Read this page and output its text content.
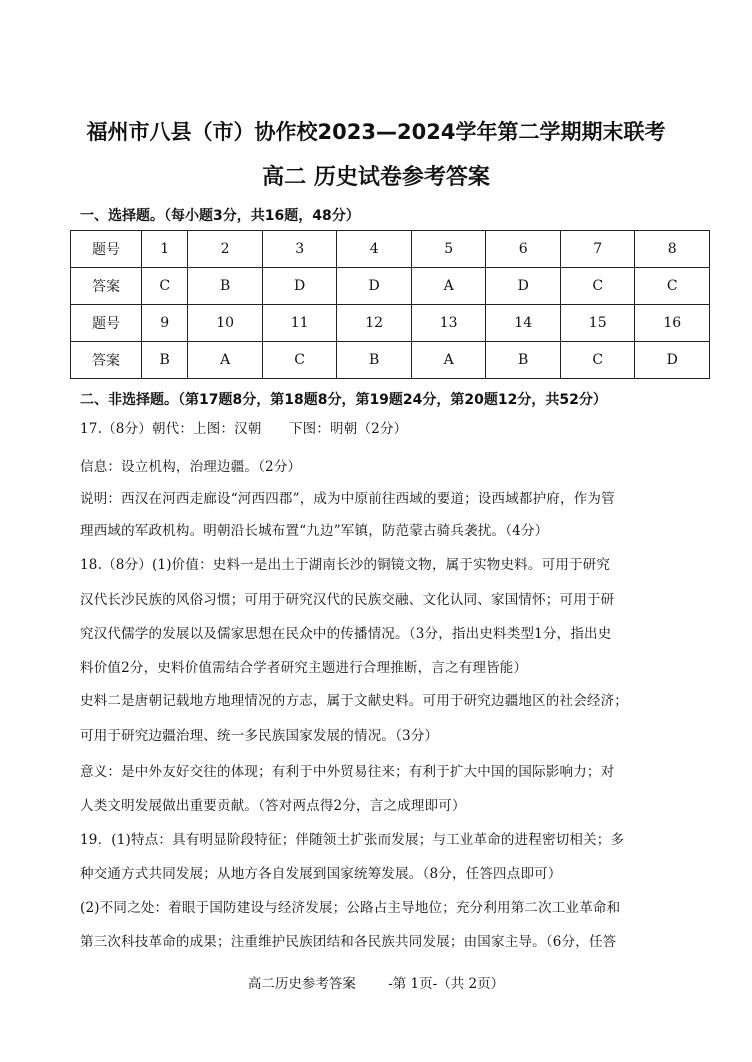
福州市八县（市）协作校2023—2024学年第二学期期末联考
高二 历史试卷参考答案
一、选择题。（每小题3分，共16题，48分）
题号	1	2	3	4	5	6	7	8
答案	C	B	D	D	A	D	C	C
题号	9	10	11	12	13	14	15	16
答案	B	A	C	B	A	B	C	D
二、非选择题。（第17题8分，第18题8分，第19题24分，第20题12分，共52分）
17.（8分）朝代：上图：汉朝　　下图：明朝（2分）
信息：设立机构，治理边疆。（2分）
说明：西汉在河西走廊设“河西四郡”，成为中原前往西域的要道；设西域都护府，作为管
理西域的军政机构。明朝沿长城布置“九边”军镇，防范蒙古骑兵袭扰。（4分）
18.（8分）(1)价值：史料一是出土于湖南长沙的铜镜文物，属于实物史料。可用于研究
汉代长沙民族的风俗习惯；可用于研究汉代的民族交融、文化认同、家国情怀；可用于研
究汉代儒学的发展以及儒家思想在民众中的传播情况。（3分，指出史料类型1分，指出史
料价值2分，史料价值需结合学者研究主题进行合理推断，言之有理皆能）
史料二是唐朝记载地方地理情况的方志，属于文献史料。可用于研究边疆地区的社会经济；
可用于研究边疆治理、统一多民族国家发展的情况。（3分）
意义：是中外友好交往的体现；有利于中外贸易往来；有利于扩大中国的国际影响力；对
人类文明发展做出重要贡献。（答对两点得2分，言之成理即可）
19．(1)特点：具有明显阶段特征；伴随领土扩张而发展；与工业革命的进程密切相关；多
种交通方式共同发展；从地方各自发展到国家统筹发展。（8分，任答四点即可）
(2)不同之处：着眼于国防建设与经济发展；公路占主导地位；充分利用第二次工业革命和
第三次科技革命的成果；注重维护民族团结和各民族共同发展；由国家主导。（6分，任答
高二历史参考答案 -第 1页-（共 2页）
